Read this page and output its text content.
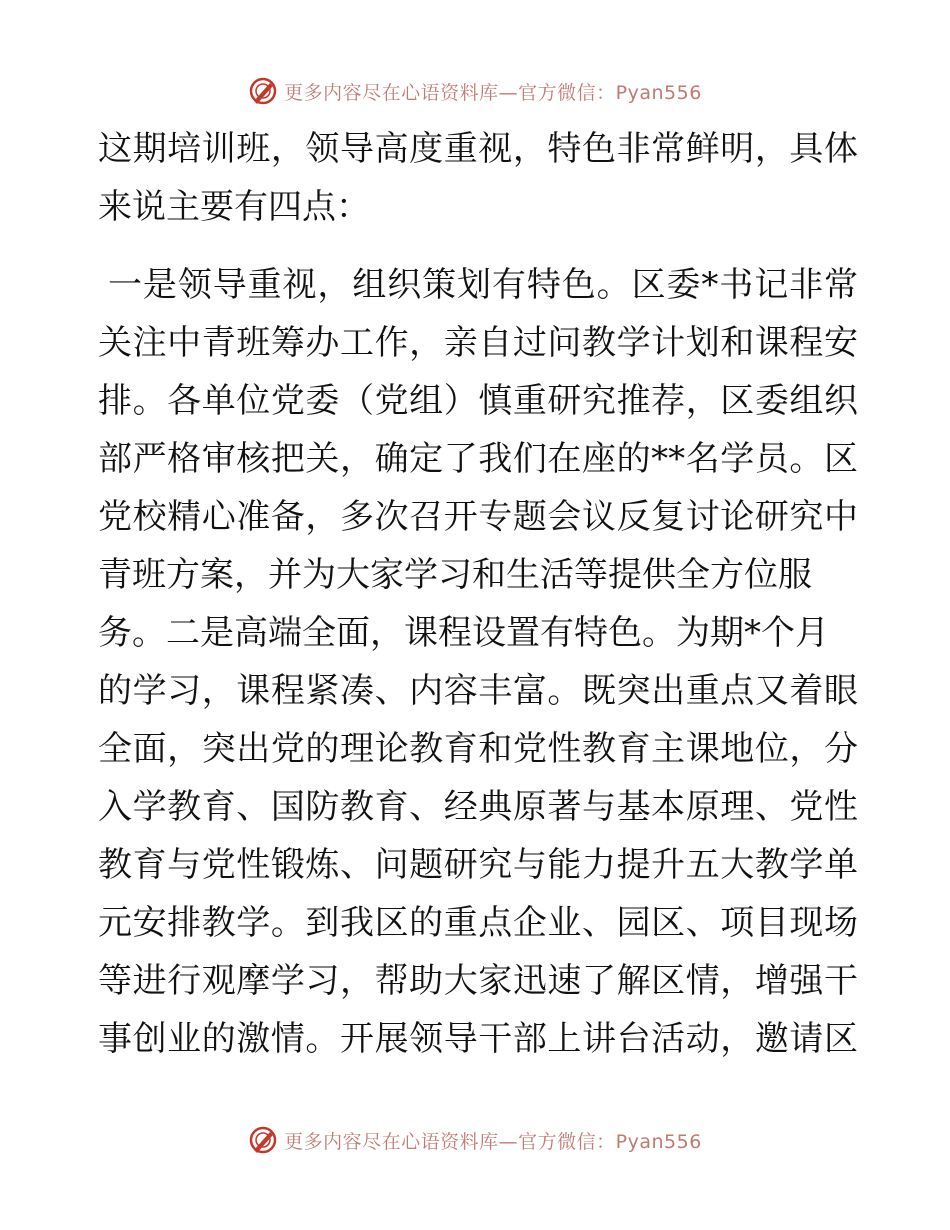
更多内容尽在心语资料库—官方微信：Pyan556
这期培训班，领导高度重视，特色非常鲜明，具体
来说主要有四点：
一是领导重视，组织策划有特色。区委*书记非常
关注中青班筹办工作，亲自过问教学计划和课程安
排。各单位党委（党组）慎重研究推荐，区委组织
部严格审核把关，确定了我们在座的**名学员。区
党校精心准备，多次召开专题会议反复讨论研究中
青班方案，并为大家学习和生活等提供全方位服
务。二是高端全面，课程设置有特色。为期*个月
的学习，课程紧凑、内容丰富。既突出重点又着眼
全面，突出党的理论教育和党性教育主课地位，分
入学教育、国防教育、经典原著与基本原理、党性
教育与党性锻炼、问题研究与能力提升五大教学单
元安排教学。到我区的重点企业、园区、项目现场
等进行观摩学习，帮助大家迅速了解区情，增强干
事创业的激情。开展领导干部上讲台活动，邀请区
更多内容尽在心语资料库—官方微信：Pyan556
